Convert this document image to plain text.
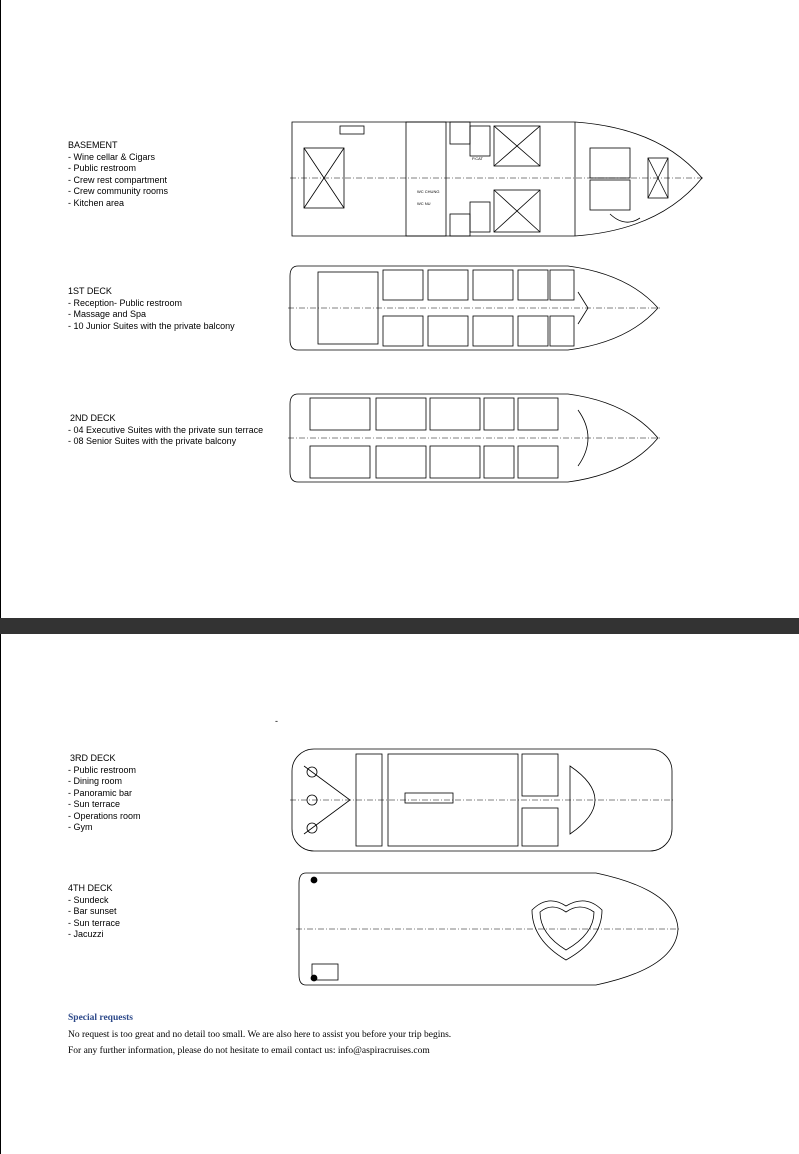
BASEMENT
- Wine cellar & Cigars
- Public restroom
- Crew rest compartment
- Crew community rooms
- Kitchen area
WC CHUNG
WC NU
P.CAT
1ST DECK
- Reception- Public restroom
- Massage and Spa
- 10 Junior Suites with the private balcony
2ND DECK
- 04 Executive Suites with the private sun terrace
- 08 Senior Suites with the private balcony
-
3RD DECK
- Public restroom
- Dining room
- Panoramic bar
- Sun terrace
- Operations room
- Gym
4TH DECK
- Sundeck
- Bar sunset
- Sun terrace
- Jacuzzi
Special requests

No request is too great and no detail too small. We are also here to assist you before your trip begins.

For any further information, please do not hesitate to email contact us: info@aspiracruises.com
